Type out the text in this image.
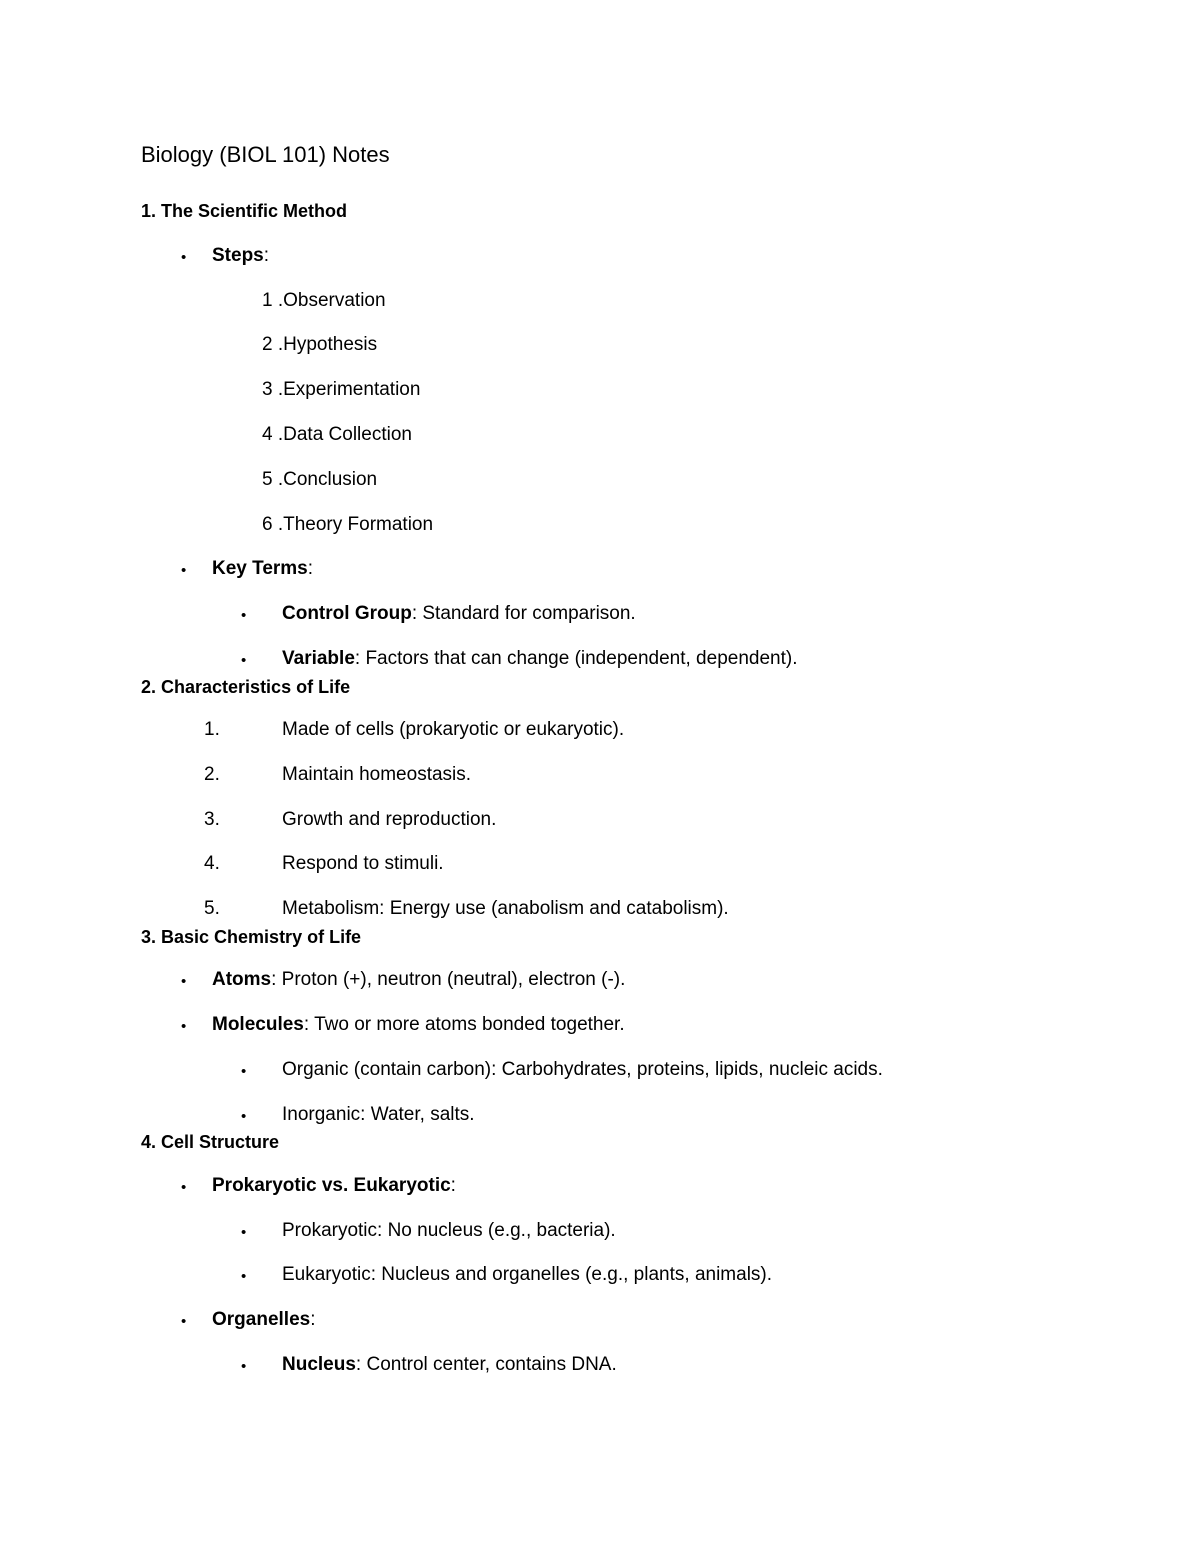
Biology (BIOL 101) Notes
1. The Scientific Method
• Steps:
1 .Observation
2 .Hypothesis
3 .Experimentation
4 .Data Collection
5 .Conclusion
6 .Theory Formation
• Key Terms:
• Control Group: Standard for comparison.
• Variable: Factors that can change (independent, dependent).
2. Characteristics of Life
1.	Made of cells (prokaryotic or eukaryotic).
2.	Maintain homeostasis.
3.	Growth and reproduction.
4.	Respond to stimuli.
5.	Metabolism: Energy use (anabolism and catabolism).
3. Basic Chemistry of Life
• Atoms: Proton (+), neutron (neutral), electron (-).
• Molecules: Two or more atoms bonded together.
• Organic (contain carbon): Carbohydrates, proteins, lipids, nucleic acids.
• Inorganic: Water, salts.
4. Cell Structure
• Prokaryotic vs. Eukaryotic:
• Prokaryotic: No nucleus (e.g., bacteria).
• Eukaryotic: Nucleus and organelles (e.g., plants, animals).
• Organelles:
• Nucleus: Control center, contains DNA.
